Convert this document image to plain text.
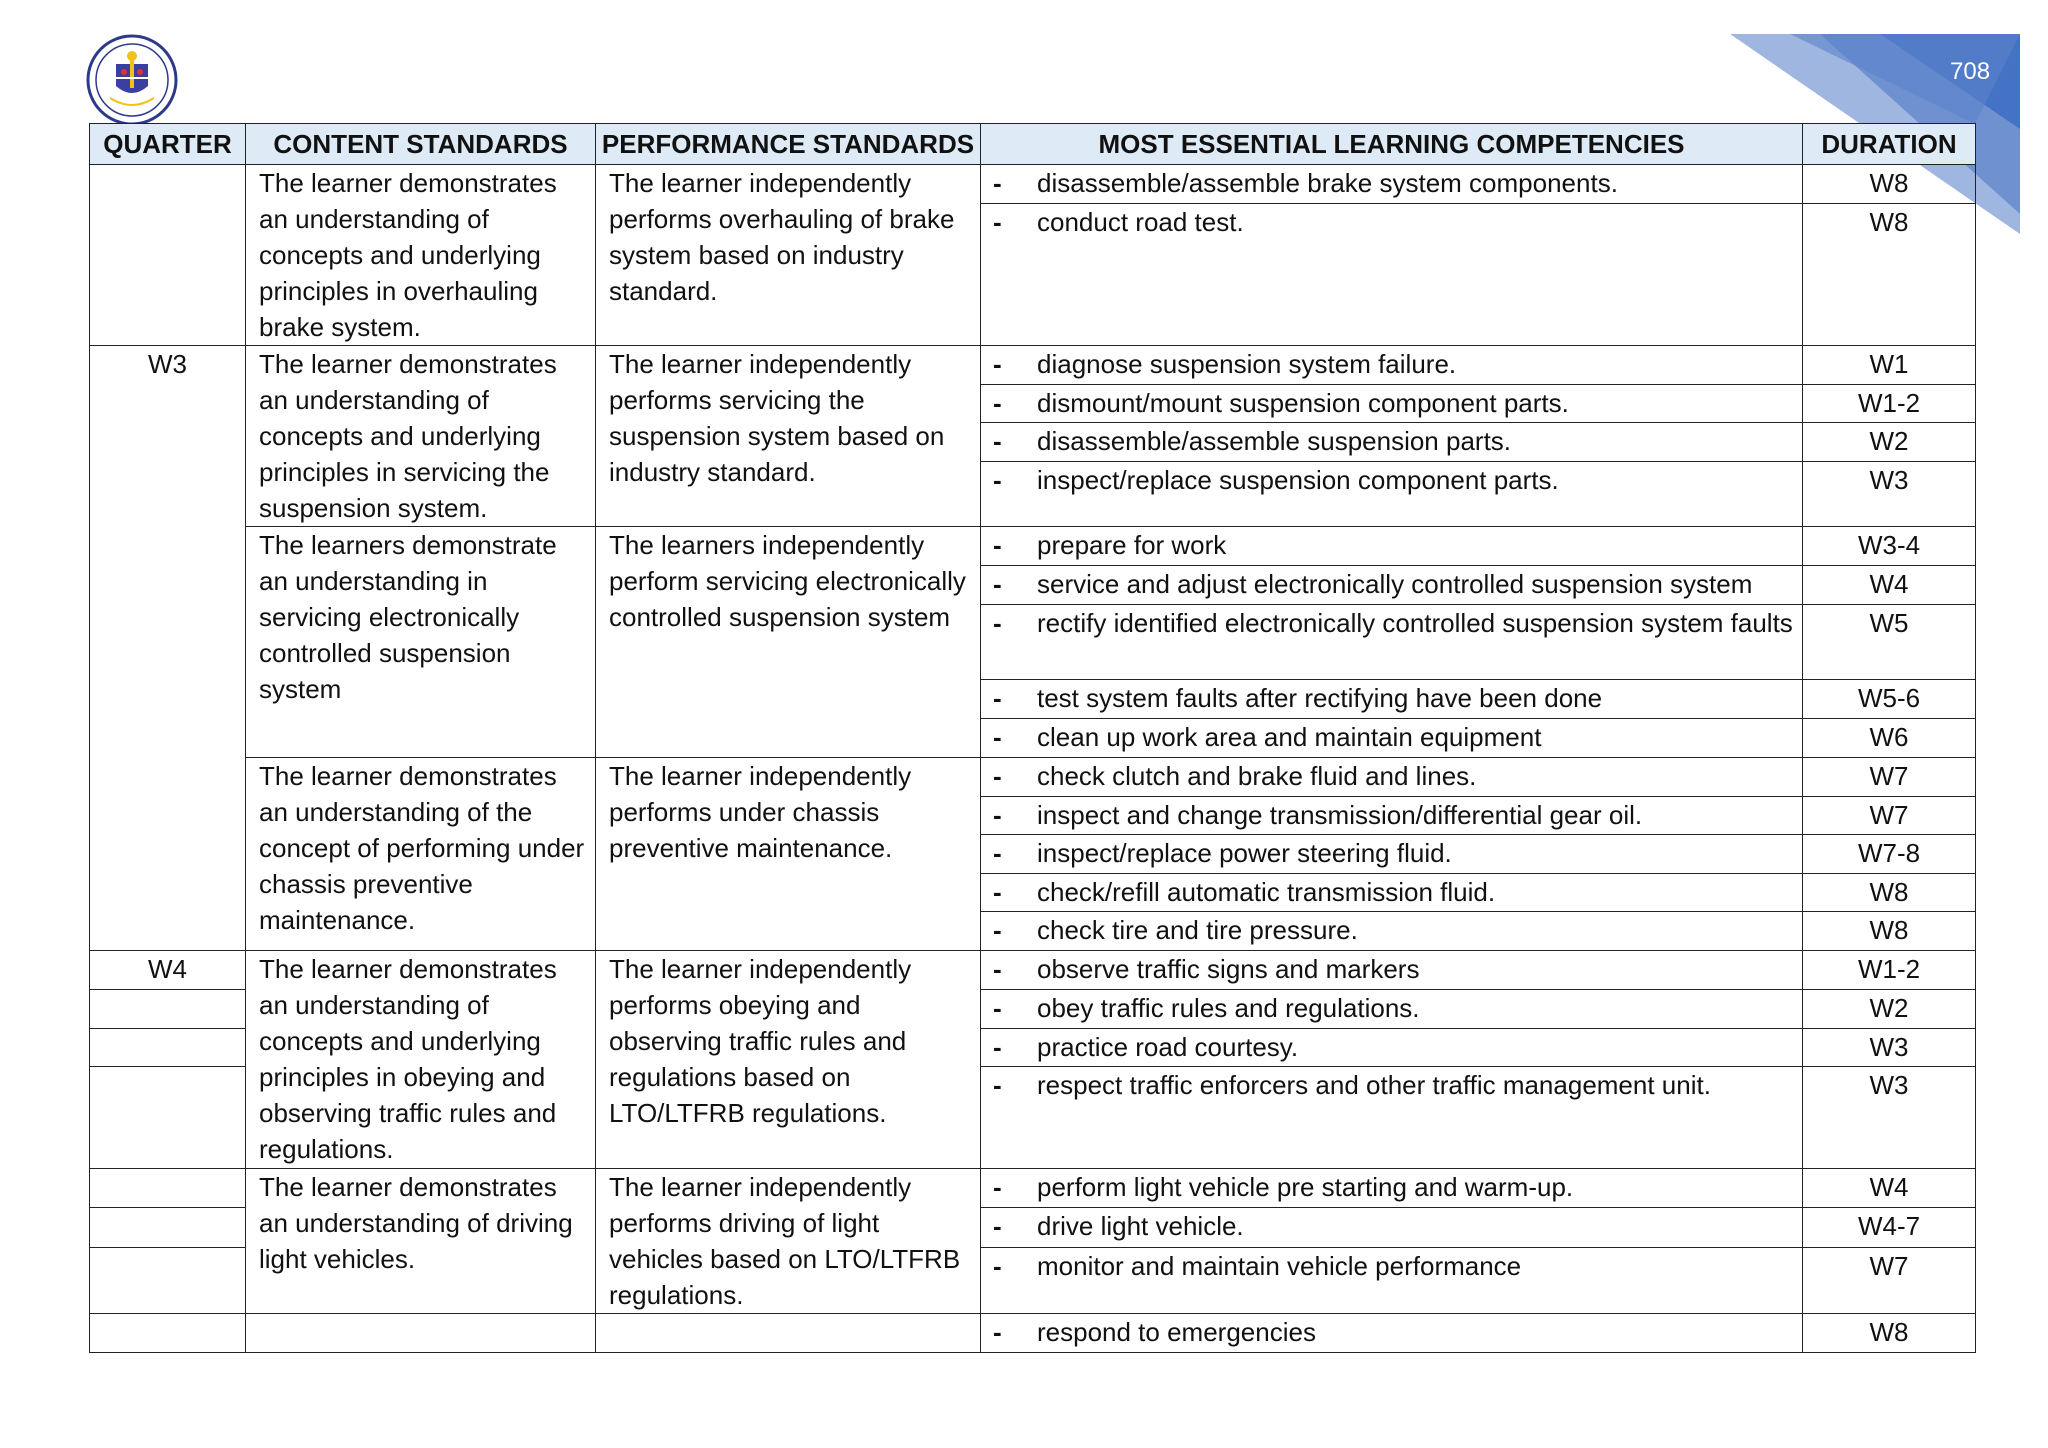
708
QUARTER	CONTENT STANDARDS	PERFORMANCE STANDARDS	MOST ESSENTIAL LEARNING COMPETENCIES	DURATION
	The learner demonstrates an understanding of concepts and underlying principles in overhauling brake system.	The learner independently performs overhauling of brake system based on industry standard.	- disassemble/assemble brake system components.	W8
			- conduct road test.	W8
W3	The learner demonstrates an understanding of concepts and underlying principles in servicing the suspension system.	The learner independently performs servicing the suspension system based on industry standard.	- diagnose suspension system failure.	W1
			- dismount/mount suspension component parts.	W1-2
			- disassemble/assemble suspension parts.	W2
			- inspect/replace suspension component parts.	W3
	The learners demonstrate an understanding in servicing electronically controlled suspension system	The learners independently perform servicing electronically controlled suspension system	- prepare for work	W3-4
			- service and adjust electronically controlled suspension system	W4
			- rectify identified electronically controlled suspension system faults	W5
			- test system faults after rectifying have been done	W5-6
			- clean up work area and maintain equipment	W6
	The learner demonstrates an understanding of the concept of performing under chassis preventive maintenance.	The learner independently performs under chassis preventive maintenance.	- check clutch and brake fluid and lines.	W7
			- inspect and change transmission/differential gear oil.	W7
			- inspect/replace power steering fluid.	W7-8
			- check/refill automatic transmission fluid.	W8
			- check tire and tire pressure.	W8
W4	The learner demonstrates an understanding of concepts and underlying principles in obeying and observing traffic rules and regulations.	The learner independently performs obeying and observing traffic rules and regulations based on LTO/LTFRB regulations.	- observe traffic signs and markers	W1-2
			- obey traffic rules and regulations.	W2
			- practice road courtesy.	W3
			- respect traffic enforcers and other traffic management unit.	W3
	The learner demonstrates an understanding of driving light vehicles.	The learner independently performs driving of light vehicles based on LTO/LTFRB regulations.	- perform light vehicle pre starting and warm-up.	W4
			- drive light vehicle.	W4-7
			- monitor and maintain vehicle performance	W7
			- respond to emergencies	W8
